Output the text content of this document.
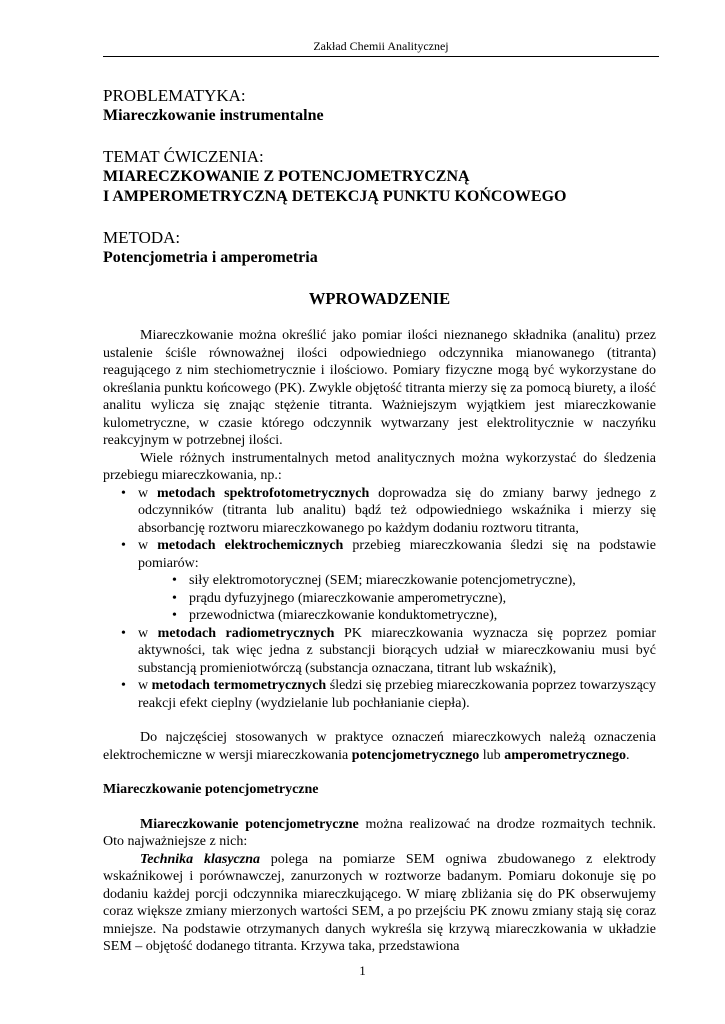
Zakład Chemii Analitycznej

PROBLEMATYKA:

Miareczkowanie instrumentalne

TEMAT ĆWICZENIA:

MIARECZKOWANIE Z POTENCJOMETRYCZNĄ

I AMPEROMETRYCZNĄ DETEKCJĄ PUNKTU KOŃCOWEGO

METODA:

Potencjometria i amperometria

WPROWADZENIE

Miareczkowanie można określić jako pomiar ilości nieznanego składnika (analitu) przez ustalenie ściśle równoważnej ilości odpowiedniego odczynnika mianowanego (titranta) reagującego z nim stechiometrycznie i ilościowo. Pomiary fizyczne mogą być wykorzystane do określania punktu końcowego (PK). Zwykle objętość titranta mierzy się za pomocą biurety, a ilość analitu wylicza się znając stężenie titranta. Ważniejszym wyjątkiem jest miareczkowanie kulometryczne, w czasie którego odczynnik wytwarzany jest elektrolitycznie w naczyńku reakcyjnym w potrzebnej ilości.

Wiele różnych instrumentalnych metod analitycznych można wykorzystać do śledzenia przebiegu miareczkowania, np.:

• w metodach spektrofotometrycznych doprowadza się do zmiany barwy jednego z odczynników (titranta lub analitu) bądź też odpowiedniego wskaźnika i mierzy się absorbancję roztworu miareczkowanego po każdym dodaniu roztworu titranta,
• w metodach elektrochemicznych przebieg miareczkowania śledzi się na podstawie pomiarów:
• siły elektromotorycznej (SEM; miareczkowanie potencjometryczne),
• prądu dyfuzyjnego (miareczkowanie amperometryczne),
• przewodnictwa (miareczkowanie konduktometryczne),
• w metodach radiometrycznych PK miareczkowania wyznacza się poprzez pomiar aktywności, tak więc jedna z substancji biorących udział w miareczkowaniu musi być substancją promieniotwórczą (substancja oznaczana, titrant lub wskaźnik),
• w metodach termometrycznych śledzi się przebieg miareczkowania poprzez towarzyszący reakcji efekt cieplny (wydzielanie lub pochłanianie ciepła).

Do najczęściej stosowanych w praktyce oznaczeń miareczkowych należą oznaczenia elektrochemiczne w wersji miareczkowania potencjometrycznego lub amperometrycznego.

Miareczkowanie potencjometryczne

Miareczkowanie potencjometryczne można realizować na drodze rozmaitych technik. Oto najważniejsze z nich:

Technika klasyczna polega na pomiarze SEM ogniwa zbudowanego z elektrody wskaźnikowej i porównawczej, zanurzonych w roztworze badanym. Pomiaru dokonuje się po dodaniu każdej porcji odczynnika miareczkującego. W miarę zbliżania się do PK obserwujemy coraz większe zmiany mierzonych wartości SEM, a po przejściu PK znowu zmiany stają się coraz mniejsze. Na podstawie otrzymanych danych wykreśla się krzywą miareczkowania w układzie SEM – objętość dodanego titranta. Krzywa taka, przedstawiona

1
